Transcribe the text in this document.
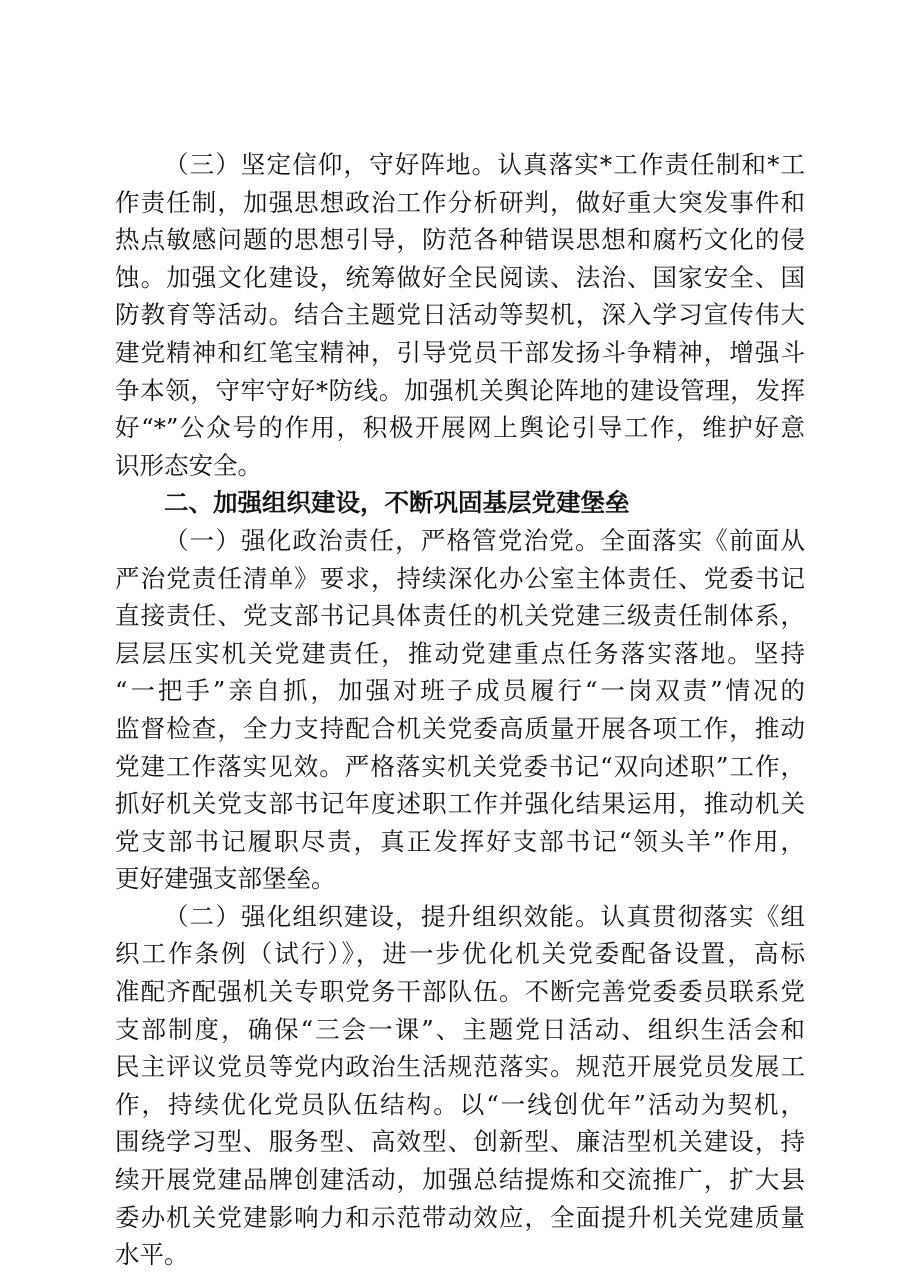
（三）坚定信仰，守好阵地。认真落实*工作责任制和*工
作责任制，加强思想政治工作分析研判，做好重大突发事件和
热点敏感问题的思想引导，防范各种错误思想和腐朽文化的侵
蚀。加强文化建设，统筹做好全民阅读、法治、国家安全、国
防教育等活动。结合主题党日活动等契机，深入学习宣传伟大
建党精神和红笔宝精神，引导党员干部发扬斗争精神，增强斗
争本领，守牢守好*防线。加强机关舆论阵地的建设管理，发挥
好“*”公众号的作用，积极开展网上舆论引导工作，维护好意
识形态安全。
二、加强组织建设，不断巩固基层党建堡垒
（一）强化政治责任，严格管党治党。全面落实《前面从
严治党责任清单》要求，持续深化办公室主体责任、党委书记
直接责任、党支部书记具体责任的机关党建三级责任制体系，
层层压实机关党建责任，推动党建重点任务落实落地。坚持
“一把手”亲自抓，加强对班子成员履行“一岗双责”情况的
监督检查，全力支持配合机关党委高质量开展各项工作，推动
党建工作落实见效。严格落实机关党委书记“双向述职”工作，
抓好机关党支部书记年度述职工作并强化结果运用，推动机关
党支部书记履职尽责，真正发挥好支部书记“领头羊”作用，
更好建强支部堡垒。
（二）强化组织建设，提升组织效能。认真贯彻落实《组
织工作条例（试行）》，进一步优化机关党委配备设置，高标
准配齐配强机关专职党务干部队伍。不断完善党委委员联系党
支部制度，确保“三会一课”、主题党日活动、组织生活会和
民主评议党员等党内政治生活规范落实。规范开展党员发展工
作，持续优化党员队伍结构。以“一线创优年”活动为契机，
围绕学习型、服务型、高效型、创新型、廉洁型机关建设，持
续开展党建品牌创建活动，加强总结提炼和交流推广，扩大县
委办机关党建影响力和示范带动效应，全面提升机关党建质量
水平。
